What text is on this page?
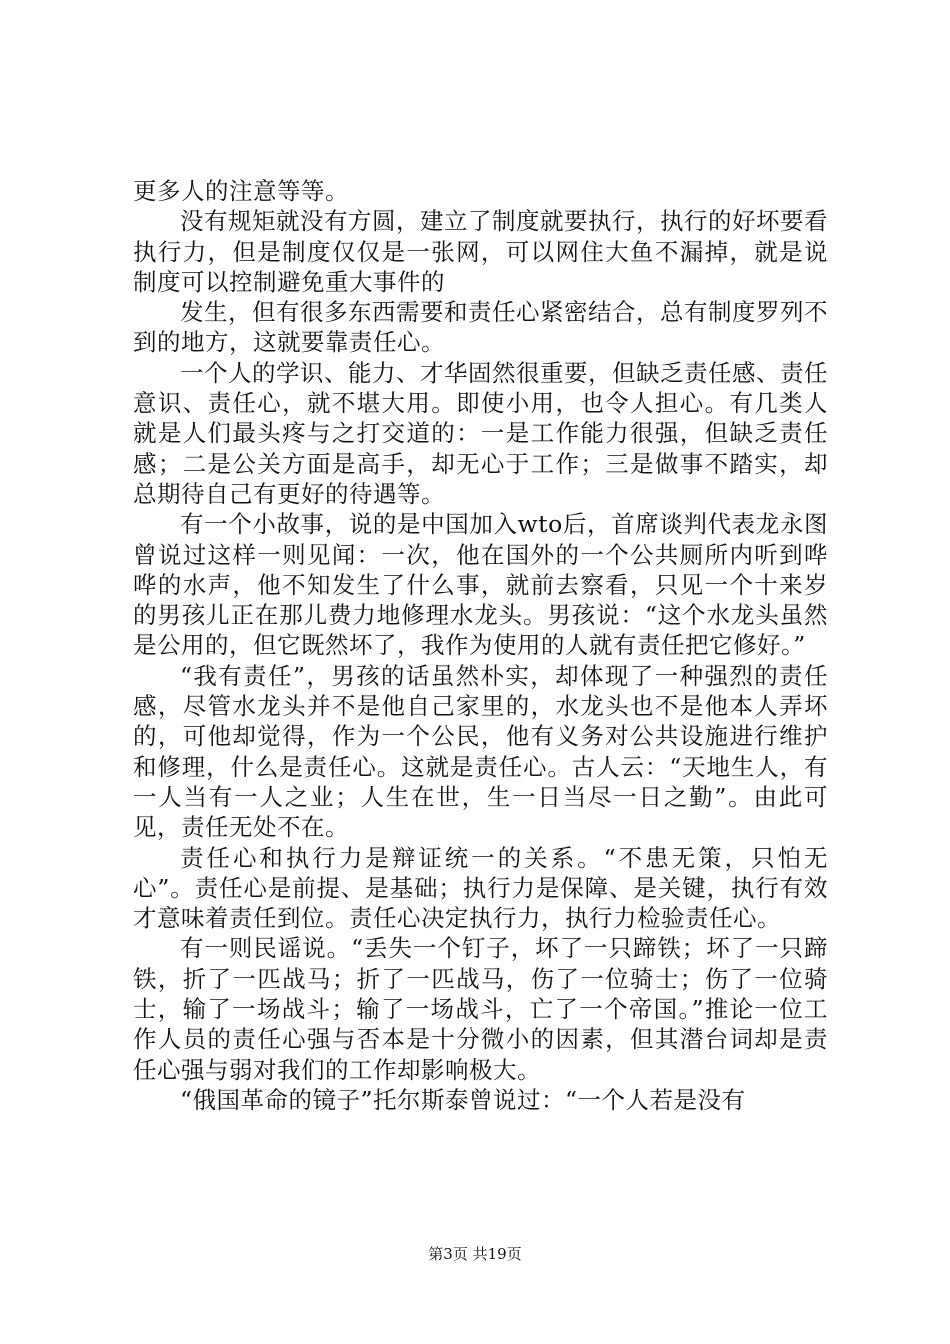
更多人的注意等等。

没有规矩就没有方圆，建立了制度就要执行，执行的好坏要看执行力，但是制度仅仅是一张网，可以网住大鱼不漏掉，就是说制度可以控制避免重大事件的

发生，但有很多东西需要和责任心紧密结合，总有制度罗列不到的地方，这就要靠责任心。

一个人的学识、能力、才华固然很重要，但缺乏责任感、责任意识、责任心，就不堪大用。即使小用，也令人担心。有几类人就是人们最头疼与之打交道的：一是工作能力很强，但缺乏责任感；二是公关方面是高手，却无心于工作；三是做事不踏实，却总期待自己有更好的待遇等。

有一个小故事，说的是中国加入wto后，首席谈判代表龙永图曾说过这样一则见闻：一次，他在国外的一个公共厕所内听到哗哗的水声，他不知发生了什么事，就前去察看，只见一个十来岁的男孩儿正在那儿费力地修理水龙头。男孩说：“这个水龙头虽然是公用的，但它既然坏了，我作为使用的人就有责任把它修好。”

“我有责任”，男孩的话虽然朴实，却体现了一种强烈的责任感，尽管水龙头并不是他自己家里的，水龙头也不是他本人弄坏的，可他却觉得，作为一个公民，他有义务对公共设施进行维护和修理，什么是责任心。这就是责任心。古人云：“天地生人，有一人当有一人之业；人生在世，生一日当尽一日之勤”。由此可见，责任无处不在。

责任心和执行力是辩证统一的关系。“不患无策，只怕无心”。责任心是前提、是基础；执行力是保障、是关键，执行有效才意味着责任到位。责任心决定执行力，执行力检验责任心。

有一则民谣说。“丢失一个钉子，坏了一只蹄铁；坏了一只蹄铁，折了一匹战马；折了一匹战马，伤了一位骑士；伤了一位骑士，输了一场战斗；输了一场战斗，亡了一个帝国。”推论一位工作人员的责任心强与否本是十分微小的因素，但其潜台词却是责任心强与弱对我们的工作却影响极大。

“俄国革命的镜子”托尔斯泰曾说过：“一个人若是没有

第3页 共19页
